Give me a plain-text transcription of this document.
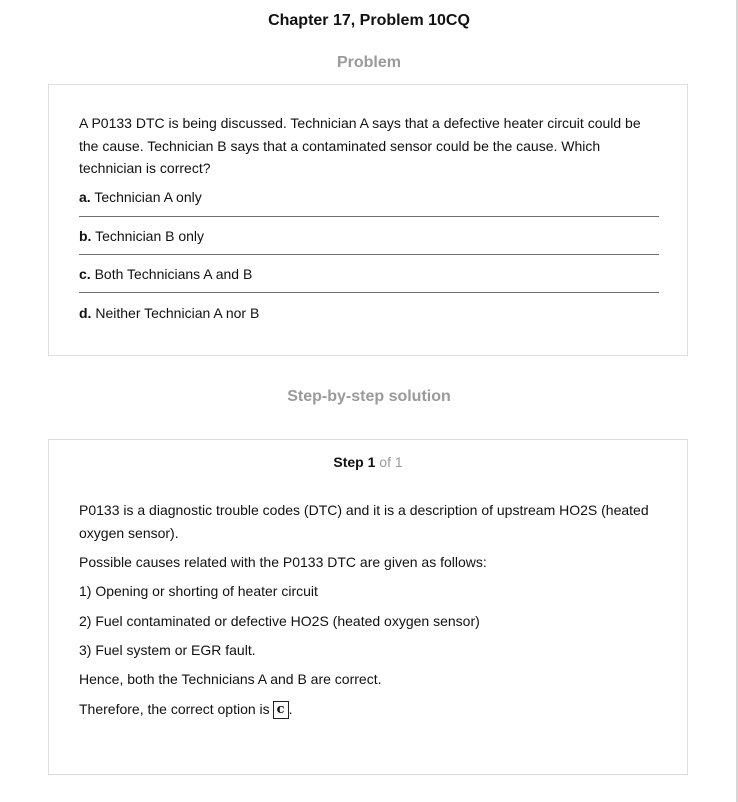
Chapter 17, Problem 10CQ
Problem
A P0133 DTC is being discussed. Technician A says that a defective heater circuit could be the cause. Technician B says that a contaminated sensor could be the cause. Which technician is correct?
a. Technician A only
b. Technician B only
c. Both Technicians A and B
d. Neither Technician A nor B
Step-by-step solution
Step 1 of 1
P0133 is a diagnostic trouble codes (DTC) and it is a description of upstream HO2S (heated oxygen sensor).
Possible causes related with the P0133 DTC are given as follows:
1) Opening or shorting of heater circuit
2) Fuel contaminated or defective HO2S (heated oxygen sensor)
3) Fuel system or EGR fault.
Hence, both the Technicians A and B are correct.
Therefore, the correct option is c .
